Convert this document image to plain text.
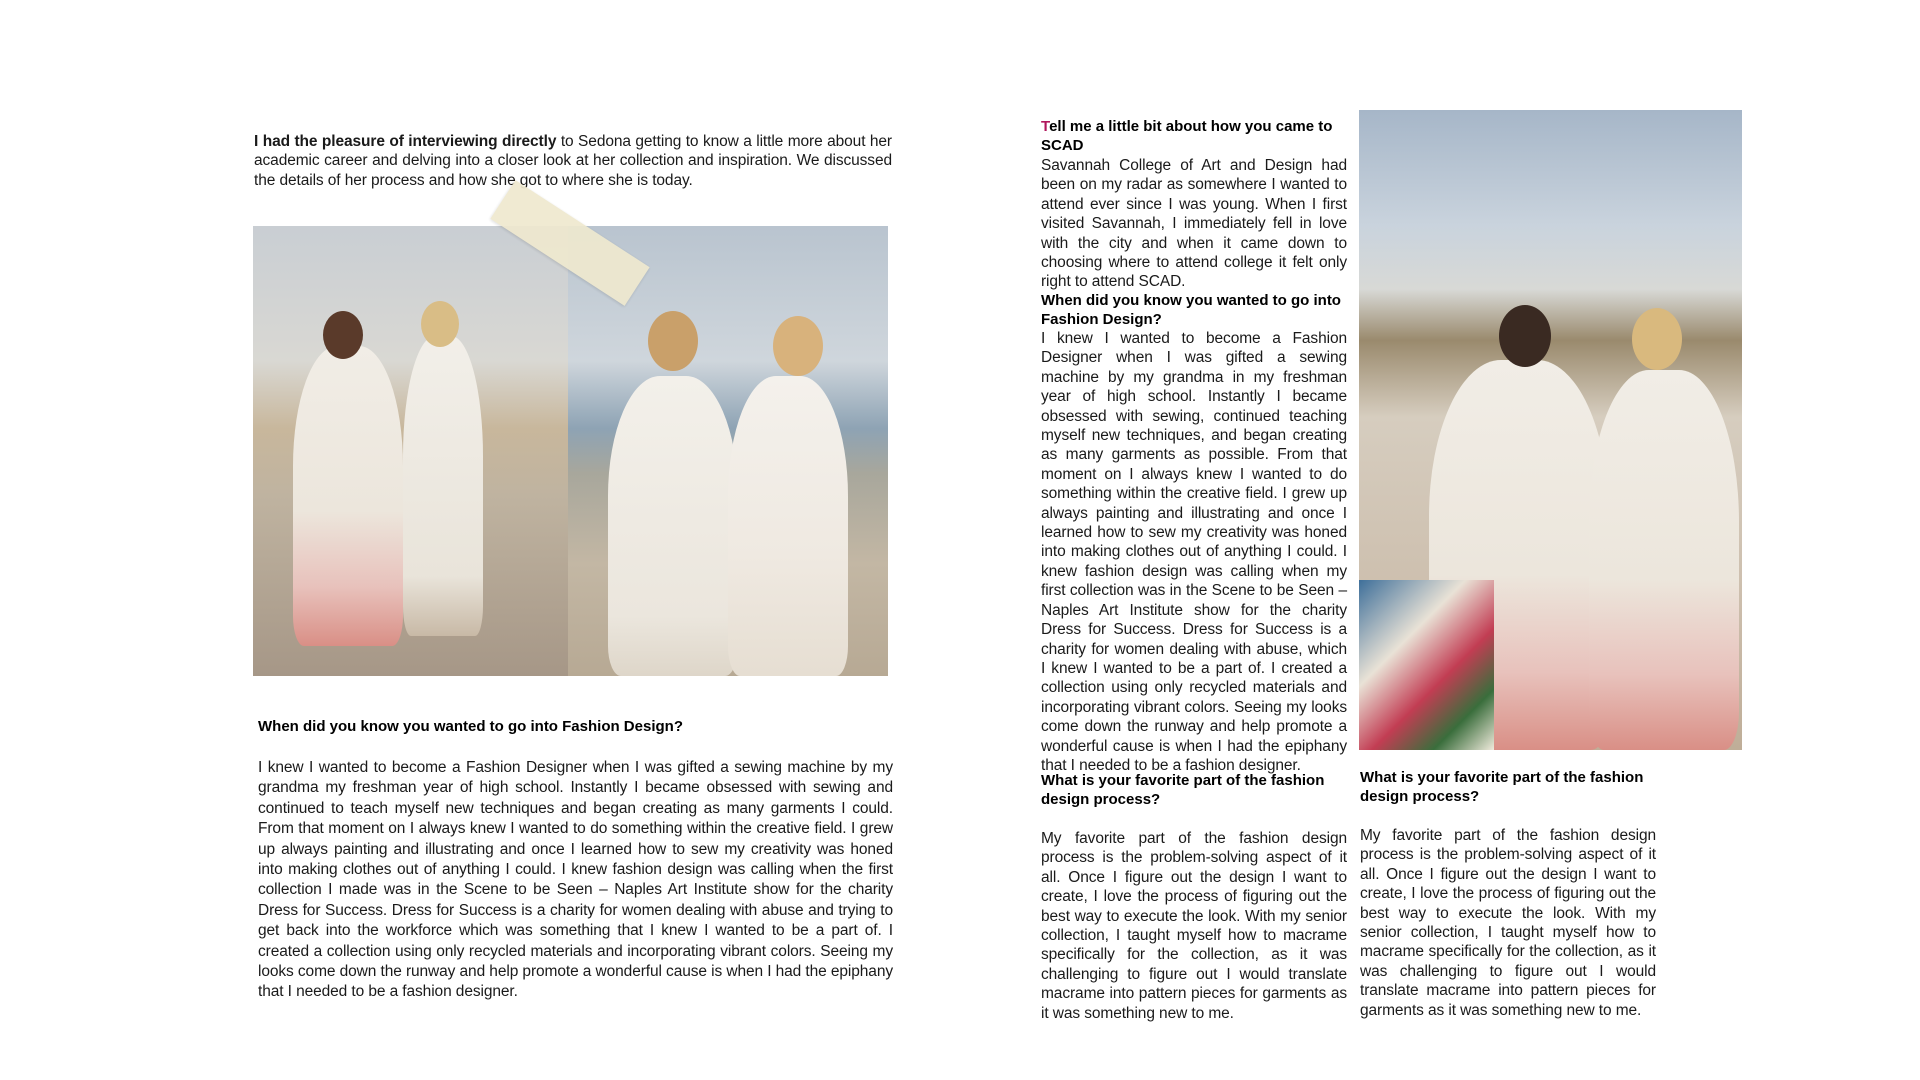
I had the pleasure of interviewing directly to Sedona getting to know a little more about her academic career and delving into a closer look at her collection and inspiration. We discussed the details of her process and how she got to where she is today.

When did you know you wanted to go into Fashion Design?

I knew I wanted to become a Fashion Designer when I was gifted a sewing machine by my grandma my freshman year of high school. Instantly I became obsessed with sewing and continued to teach myself new techniques and began creating as many garments I could. From that moment on I always knew I wanted to do something within the creative field. I grew up always painting and illustrating and once I learned how to sew my creativity was honed into making clothes out of anything I could. I knew fashion design was calling when the first collection I made was in the Scene to be Seen – Naples Art Institute show for the charity Dress for Success. Dress for Success is a charity for women dealing with abuse and trying to get back into the workforce which was something that I knew I wanted to be a part of. I created a collection using only recycled materials and incorporating vibrant colors. Seeing my looks come down the runway and help promote a wonderful cause is when I had the epiphany that I needed to be a fashion designer.

Tell me a little bit about how you came to SCAD

Savannah College of Art and Design had been on my radar as somewhere I wanted to attend ever since I was young. When I first visited Savannah, I immediately fell in love with the city and when it came down to choosing where to attend college it felt only right to attend SCAD.

When did you know you wanted to go into Fashion Design?

I knew I wanted to become a Fashion Designer when I was gifted a sewing machine by my grandma in my freshman year of high school. Instantly I became obsessed with sewing, continued teaching myself new techniques, and began creating as many garments as possible. From that moment on I always knew I wanted to do something within the creative field. I grew up always painting and illustrating and once I learned how to sew my creativity was honed into making clothes out of anything I could. I knew fashion design was calling when my first collection was in the Scene to be Seen – Naples Art Institute show for the charity Dress for Success. Dress for Success is a charity for women dealing with abuse, which I knew I wanted to be a part of. I created a collection using only recycled materials and incorporating vibrant colors. Seeing my looks come down the runway and help promote a wonderful cause is when I had the epiphany that I needed to be a fashion designer.

What is your favorite part of the fashion design process?

My favorite part of the fashion design process is the problem-solving aspect of it all. Once I figure out the design I want to create, I love the process of figuring out the best way to execute the look. With my senior collection, I taught myself how to macrame specifically for the collection, as it was challenging to figure out I would translate macrame into pattern pieces for garments as it was something new to me.

What is your favorite part of the fashion design process?

My favorite part of the fashion design process is the problem-solving aspect of it all. Once I figure out the design I want to create, I love the process of figuring out the best way to execute the look. With my senior collection, I taught myself how to macrame specifically for the collection, as it was challenging to figure out I would translate macrame into pattern pieces for garments as it was something new to me.
